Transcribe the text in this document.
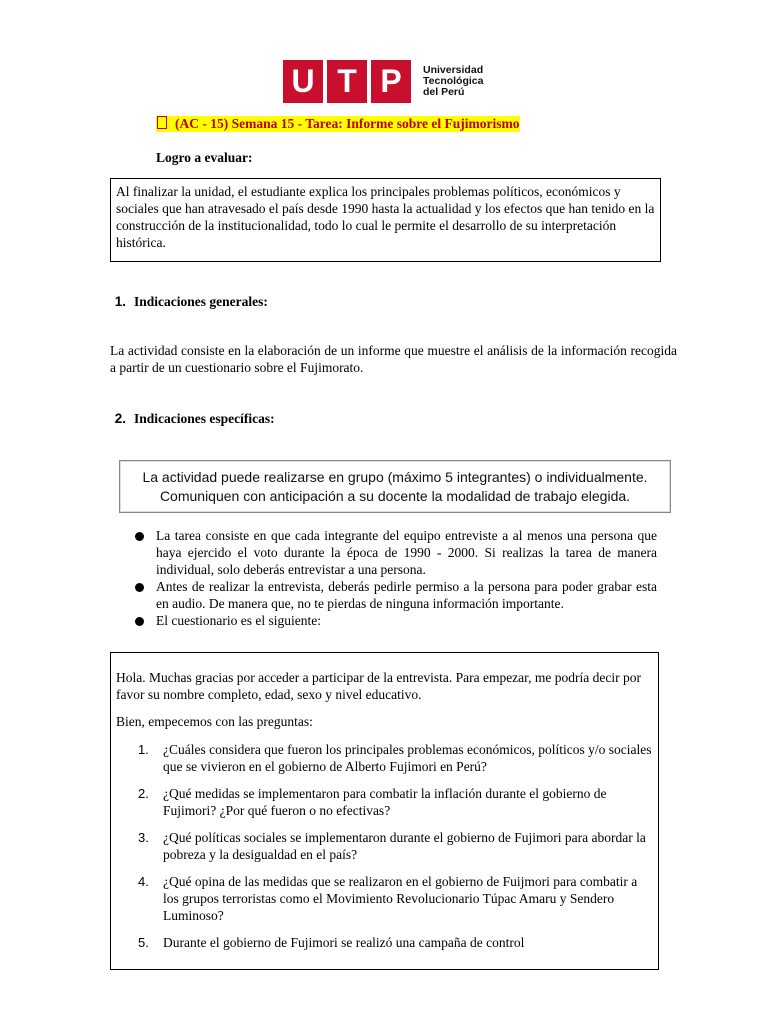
U T P	Universidad
Tecnológica
del Perú
(AC - 15) Semana 15 - Tarea: Informe sobre el Fujimorismo
Logro a evaluar:

Al finalizar la unidad, el estudiante explica los principales problemas políticos, económicos y sociales que han atravesado el país desde 1990 hasta la actualidad y los efectos que han tenido en la construcción de la institucionalidad, todo lo cual le permite el desarrollo de su interpretación histórica.

1. Indicaciones generales:

La actividad consiste en la elaboración de un informe que muestre el análisis de la información recogida a partir de un cuestionario sobre el Fujimorato.

2. Indicaciones específicas:
La actividad puede realizarse en grupo (máximo 5 integrantes) o individualmente.
Comuniquen con anticipación a su docente la modalidad de trabajo elegida.
La tarea consiste en que cada integrante del equipo entreviste a al menos una persona que haya ejercido el voto durante la época de 1990 - 2000. Si realizas la tarea de manera individual, solo deberás entrevistar a una persona.
Antes de realizar la entrevista, deberás pedirle permiso a la persona para poder grabar esta en audio. De manera que, no te pierdas de ninguna información importante.
El cuestionario es el siguiente:

Hola. Muchas gracias por acceder a participar de la entrevista. Para empezar, me podría decir por favor su nombre completo, edad, sexo y nivel educativo.

Bien, empecemos con las preguntas:

1. ¿Cuáles considera que fueron los principales problemas económicos, políticos y/o sociales que se vivieron en el gobierno de Alberto Fujimori en Perú?
2. ¿Qué medidas se implementaron para combatir la inflación durante el gobierno de Fujimori? ¿Por qué fueron o no efectivas?
3. ¿Qué políticas sociales se implementaron durante el gobierno de Fujimori para abordar la pobreza y la desigualdad en el país?
4. ¿Qué opina de las medidas que se realizaron en el gobierno de Fuijmori para combatir a los grupos terroristas como el Movimiento Revolucionario Túpac Amaru y Sendero Luminoso?
5. Durante el gobierno de Fujimori se realizó una campaña de control
